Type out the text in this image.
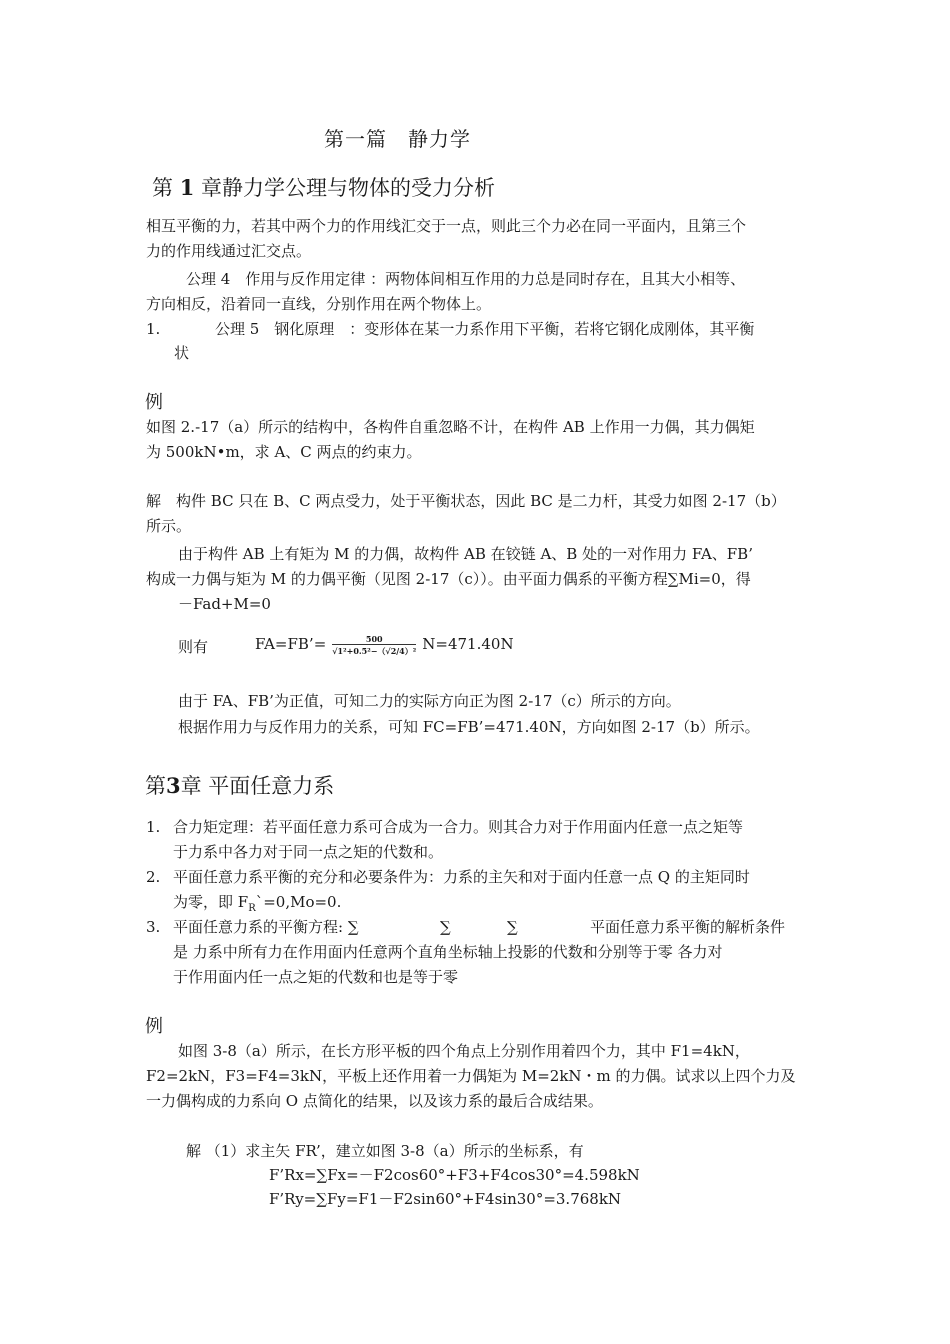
第一篇　静力学
第 1 章静力学公理与物体的受力分析
相互平衡的力，若其中两个力的作用线汇交于一点，则此三个力必在同一平面内，且第三个
力的作用线通过汇交点。
公理 4　作用与反作用定律 ：两物体间相互作用的力总是同时存在，且其大小相等、
方向相反，沿着同一直线，分别作用在两个物体上。
1.	公理 5　钢化原理　：变形体在某一力系作用下平衡，若将它钢化成刚体，其平衡
状
例
如图 2.-17（a）所示的结构中，各构件自重忽略不计，在构件 AB 上作用一力偶，其力偶矩
为 500kN•m，求 A、C 两点的约束力。
解　构件 BC 只在 B、C 两点受力，处于平衡状态，因此 BC 是二力杆，其受力如图 2-17（b）
所示。
由于构件 AB 上有矩为 M 的力偶，故构件 AB 在铰链 A、B 处的一对作用力 FA、FB’
构成一力偶与矩为 M 的力偶平衡（见图 2-17（c））。由平面力偶系的平衡方程∑Mi=0，得
－Fad+M=0
则有	FA=FB’= $\frac{500}{\text{√1²+0.5²−（√2/4）²}} N=471.40N$
由于 FA、FB’为正值，可知二力的实际方向正为图 2-17（c）所示的方向。
根据作用力与反作用力的关系，可知 FC=FB’=471.40N，方向如图 2-17（b）所示。
第3章 平面任意力系
1. 合力矩定理：若平面任意力系可合成为一合力。则其合力对于作用面内任意一点之矩等
于力系中各力对于同一点之矩的代数和。
2. 平面任意力系平衡的充分和必要条件为：力系的主矢和对于面内任意一点 Q 的主矩同时
为零，即 $F_R`=0,Mo=0$.
3. 平面任意力系的平衡方程: ∑	∑	∑	平面任意力系平衡的解析条件
是 力系中所有力在作用面内任意两个直角坐标轴上投影的代数和分别等于零 各力对
于作用面内任一点之矩的代数和也是等于零
例
如图 3-8（a）所示，在长方形平板的四个角点上分别作用着四个力，其中 F1=4kN，
F2=2kN，F3=F4=3kN，平板上还作用着一力偶矩为 M=2kN・m 的力偶。试求以上四个力及
一力偶构成的力系向 O 点简化的结果，以及该力系的最后合成结果。
解 （1）求主矢 FR’，建立如图 3-8（a）所示的坐标系，有
F’Rx=∑Fx=－F2cos60°+F3+F4cos30°=4.598kN
F’Ry=∑Fy=F1－F2sin60°+F4sin30°=3.768kN
